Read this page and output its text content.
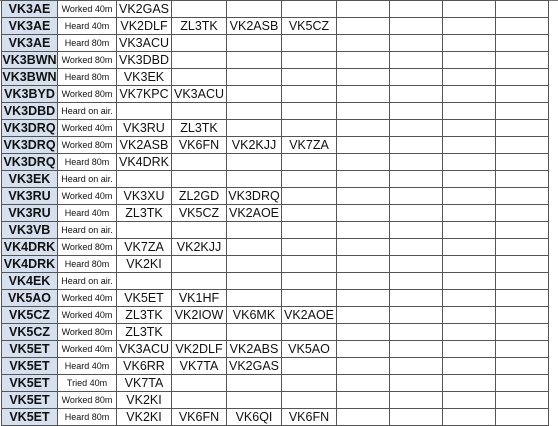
VK3AE	Worked 40m	VK2GAS							
VK3AE	Heard 40m	VK2DLF	ZL3TK	VK2ASB	VK5CZ				
VK3AE	Heard 80m	VK3ACU							
VK3BWN	Worked 80m	VK3DBD							
VK3BWN	Heard 80m	VK3EK							
VK3BYD	Worked 80m	VK7KPC	VK3ACU						
VK3DBD	Heard on air.								
VK3DRQ	Worked 40m	VK3RU	ZL3TK						
VK3DRQ	Worked 80m	VK2ASB	VK6FN	VK2KJJ	VK7ZA				
VK3DRQ	Heard 80m	VK4DRK							
VK3EK	Heard on air.								
VK3RU	Worked 40m	VK3XU	ZL2GD	VK3DRQ					
VK3RU	Heard 40m	ZL3TK	VK5CZ	VK2AOE					
VK3VB	Heard on air.								
VK4DRK	Worked 80m	VK7ZA	VK2KJJ						
VK4DRK	Heard 80m	VK2KI							
VK4EK	Heard on air.								
VK5AO	Worked 40m	VK5ET	VK1HF						
VK5CZ	Worked 40m	ZL3TK	VK2IOW	VK6MK	VK2AOE				
VK5CZ	Worked 80m	ZL3TK							
VK5ET	Worked 40m	VK3ACU	VK2DLF	VK2ABS	VK5AO				
VK5ET	Heard 40m	VK6RR	VK7TA	VK2GAS					
VK5ET	Tried 40m	VK7TA							
VK5ET	Worked 80m	VK2KI							
VK5ET	Heard 80m	VK2KI	VK6FN	VK6QI	VK6FN				
